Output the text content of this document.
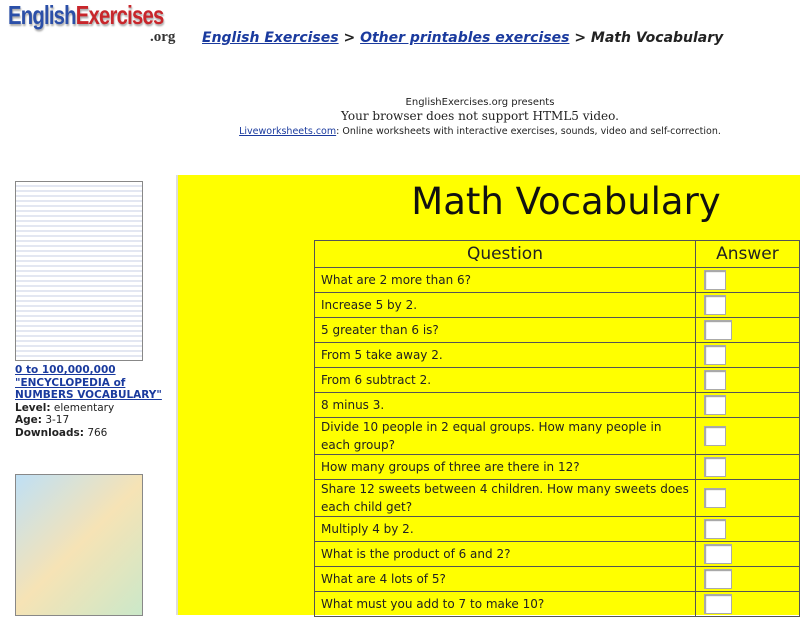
EnglishExercises
.org English Exercises > Other printables exercises > Math Vocabulary
EnglishExercises.org presents
Your browser does not support HTML5 video.
Liveworksheets.com: Online worksheets with interactive exercises, sounds, video and self-correction.
0 to 100,000,000 "ENCYCLOPEDIA of NUMBERS VOCABULARY"
Level: elementary
Age: 3-17
Downloads: 766
Math Vocabulary
Question	Answer
What are 2 more than 6?	

Increase 5 by 2.	

5 greater than 6 is?	

From 5 take away 2.	

From 6 subtract 2.	

8 minus 3.	

Divide 10 people in 2 equal groups. How many people in each group?	

How many groups of three are there in 12?	

Share 12 sweets between 4 children. How many sweets does each child get?	

Multiply 4 by 2.	

What is the product of 6 and 2?	

What are 4 lots of 5?	

What must you add to 7 to make 10?	
